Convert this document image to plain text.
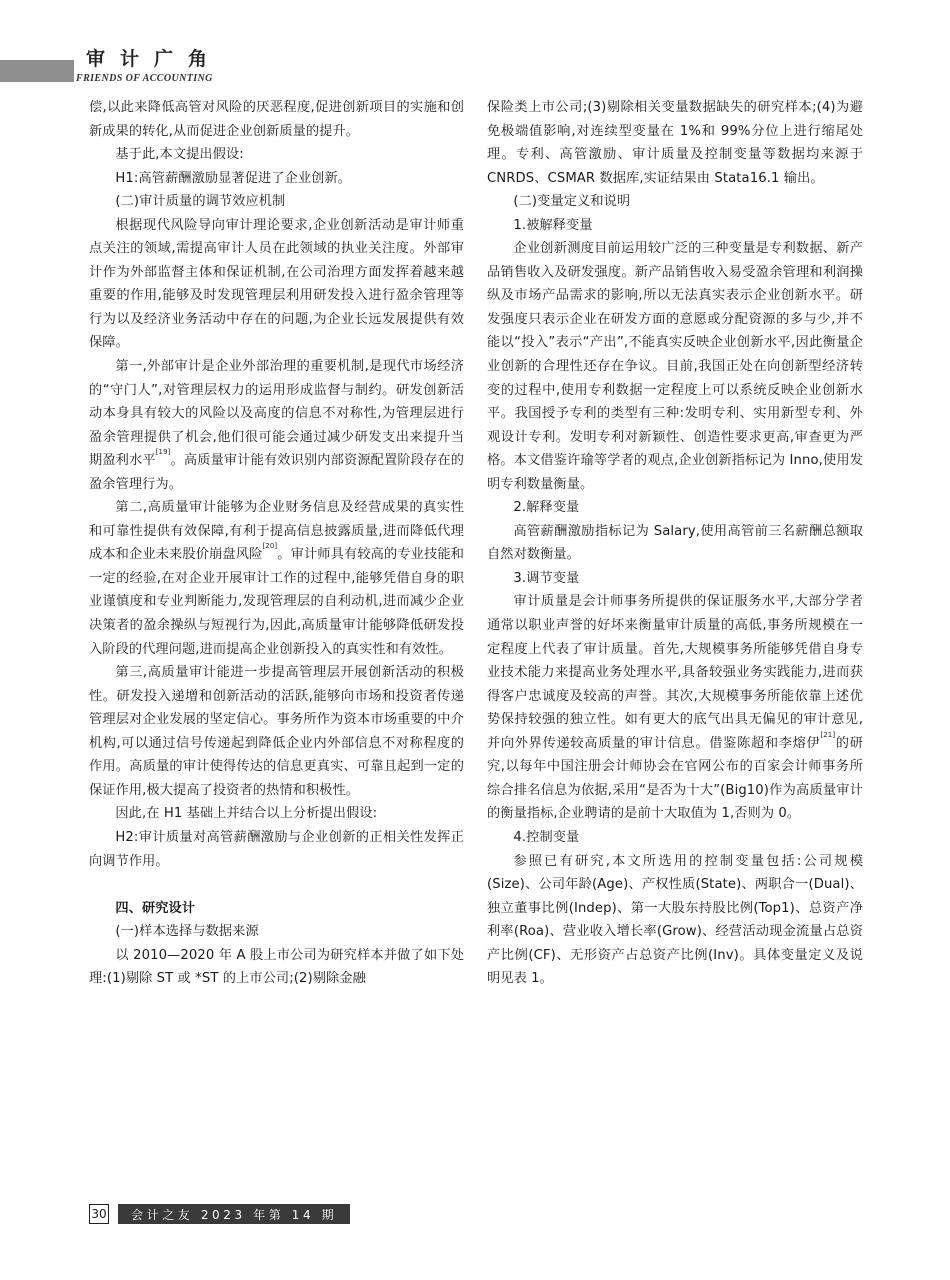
审计广角
FRIENDS OF ACCOUNTING

偿,以此来降低高管对风险的厌恶程度,促进创新项目的实施和创新成果的转化,从而促进企业创新质量的提升。

基于此,本文提出假设:

H1:高管薪酬激励显著促进了企业创新。

(二)审计质量的调节效应机制

根据现代风险导向审计理论要求,企业创新活动是审计师重点关注的领域,需提高审计人员在此领域的执业关注度。外部审计作为外部监督主体和保证机制,在公司治理方面发挥着越来越重要的作用,能够及时发现管理层利用研发投入进行盈余管理等行为以及经济业务活动中存在的问题,为企业长远发展提供有效保障。

第一,外部审计是企业外部治理的重要机制,是现代市场经济的“守门人”,对管理层权力的运用形成监督与制约。研发创新活动本身具有较大的风险以及高度的信息不对称性,为管理层进行盈余管理提供了机会,他们很可能会通过减少研发支出来提升当期盈利水平[19]。高质量审计能有效识别内部资源配置阶段存在的盈余管理行为。

第二,高质量审计能够为企业财务信息及经营成果的真实性和可靠性提供有效保障,有利于提高信息披露质量,进而降低代理成本和企业未来股价崩盘风险[20]。审计师具有较高的专业技能和一定的经验,在对企业开展审计工作的过程中,能够凭借自身的职业谨慎度和专业判断能力,发现管理层的自利动机,进而减少企业决策者的盈余操纵与短视行为,因此,高质量审计能够降低研发投入阶段的代理问题,进而提高企业创新投入的真实性和有效性。

第三,高质量审计能进一步提高管理层开展创新活动的积极性。研发投入递增和创新活动的活跃,能够向市场和投资者传递管理层对企业发展的坚定信心。事务所作为资本市场重要的中介机构,可以通过信号传递起到降低企业内外部信息不对称程度的作用。高质量的审计使得传达的信息更真实、可靠且起到一定的保证作用,极大提高了投资者的热情和积极性。

因此,在 H1 基础上并结合以上分析提出假设:

H2:审计质量对高管薪酬激励与企业创新的正相关性发挥正向调节作用。

四、研究设计

(一)样本选择与数据来源

以 2010—2020 年 A 股上市公司为研究样本并做了如下处理:(1)剔除 ST 或 *ST 的上市公司;(2)剔除金融

保险类上市公司;(3)剔除相关变量数据缺失的研究样本;(4)为避免极端值影响,对连续型变量在 1%和 99%分位上进行缩尾处理。专利、高管激励、审计质量及控制变量等数据均来源于 CNRDS、CSMAR 数据库,实证结果由 Stata16.1 输出。

(二)变量定义和说明

1.被解释变量

企业创新测度目前运用较广泛的三种变量是专利数据、新产品销售收入及研发强度。新产品销售收入易受盈余管理和利润操纵及市场产品需求的影响,所以无法真实表示企业创新水平。研发强度只表示企业在研发方面的意愿或分配资源的多与少,并不能以“投入”表示“产出”,不能真实反映企业创新水平,因此衡量企业创新的合理性还存在争议。目前,我国正处在向创新型经济转变的过程中,使用专利数据一定程度上可以系统反映企业创新水平。我国授予专利的类型有三种:发明专利、实用新型专利、外观设计专利。发明专利对新颖性、创造性要求更高,审查更为严格。本文借鉴许瑜等学者的观点,企业创新指标记为 Inno,使用发明专利数量衡量。

2.解释变量

高管薪酬激励指标记为 Salary,使用高管前三名薪酬总额取自然对数衡量。

3.调节变量

审计质量是会计师事务所提供的保证服务水平,大部分学者通常以职业声誉的好坏来衡量审计质量的高低,事务所规模在一定程度上代表了审计质量。首先,大规模事务所能够凭借自身专业技术能力来提高业务处理水平,具备较强业务实践能力,进而获得客户忠诚度及较高的声誉。其次,大规模事务所能依靠上述优势保持较强的独立性。如有更大的底气出具无偏见的审计意见,并向外界传递较高质量的审计信息。借鉴陈超和李熔伊[21]的研究,以每年中国注册会计师协会在官网公布的百家会计师事务所综合排名信息为依据,采用“是否为十大”(Big10)作为高质量审计的衡量指标,企业聘请的是前十大取值为 1,否则为 0。

4.控制变量

参照已有研究,本文所选用的控制变量包括:公司规模(Size)、公司年龄(Age)、产权性质(State)、两职合一(Dual)、独立董事比例(Indep)、第一大股东持股比例(Top1)、总资产净利率(Roa)、营业收入增长率(Grow)、经营活动现金流量占总资产比例(CF)、无形资产占总资产比例(Inv)。具体变量定义及说明见表 1。

30	会计之友 2023 年第 14 期
